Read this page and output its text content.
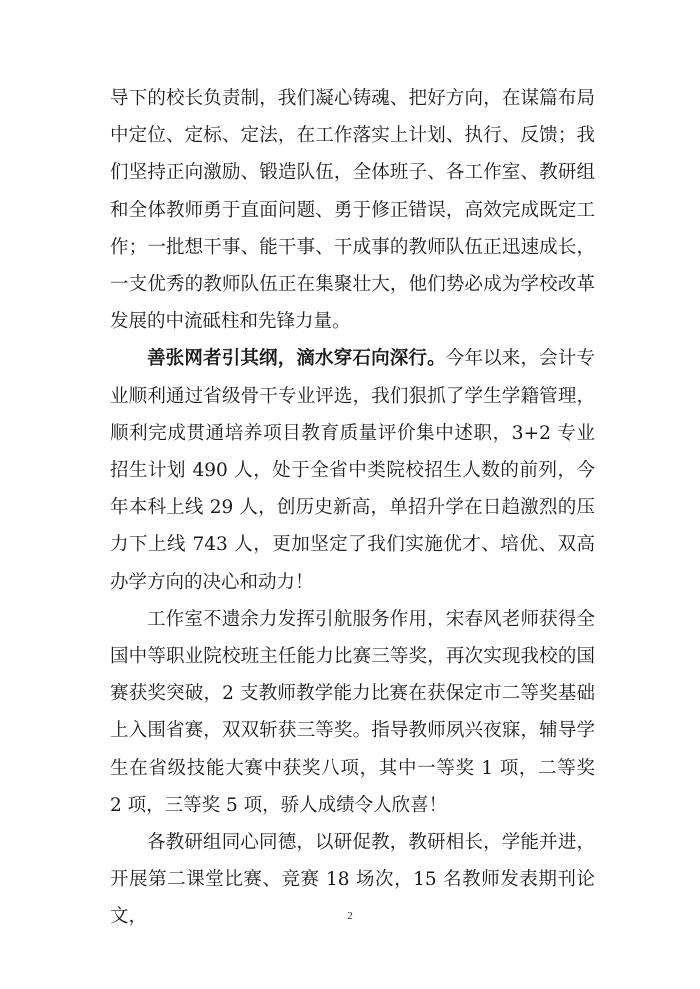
导下的校长负责制，我们凝心铸魂、把好方向，在谋篇布局中定位、定标、定法，在工作落实上计划、执行、反馈；我们坚持正向激励、锻造队伍，全体班子、各工作室、教研组和全体教师勇于直面问题、勇于修正错误，高效完成既定工作；一批想干事、能干事、干成事的教师队伍正迅速成长，一支优秀的教师队伍正在集聚壮大，他们势必成为学校改革发展的中流砥柱和先锋力量。

善张网者引其纲，滴水穿石向深行。今年以来，会计专业顺利通过省级骨干专业评选，我们狠抓了学生学籍管理，顺利完成贯通培养项目教育质量评价集中述职，3+2 专业招生计划 490 人，处于全省中类院校招生人数的前列，今年本科上线 29 人，创历史新高，单招升学在日趋激烈的压力下上线 743 人，更加坚定了我们实施优才、培优、双高办学方向的决心和动力！

工作室不遗余力发挥引航服务作用，宋春风老师获得全国中等职业院校班主任能力比赛三等奖，再次实现我校的国赛获奖突破，2 支教师教学能力比赛在获保定市二等奖基础上入围省赛，双双斩获三等奖。指导教师夙兴夜寐，辅导学生在省级技能大赛中获奖八项，其中一等奖 1 项，二等奖 2 项，三等奖 5 项，骄人成绩令人欣喜！

各教研组同心同德，以研促教，教研相长，学能并进，开展第二课堂比赛、竞赛 18 场次，15 名教师发表期刊论文，	2
